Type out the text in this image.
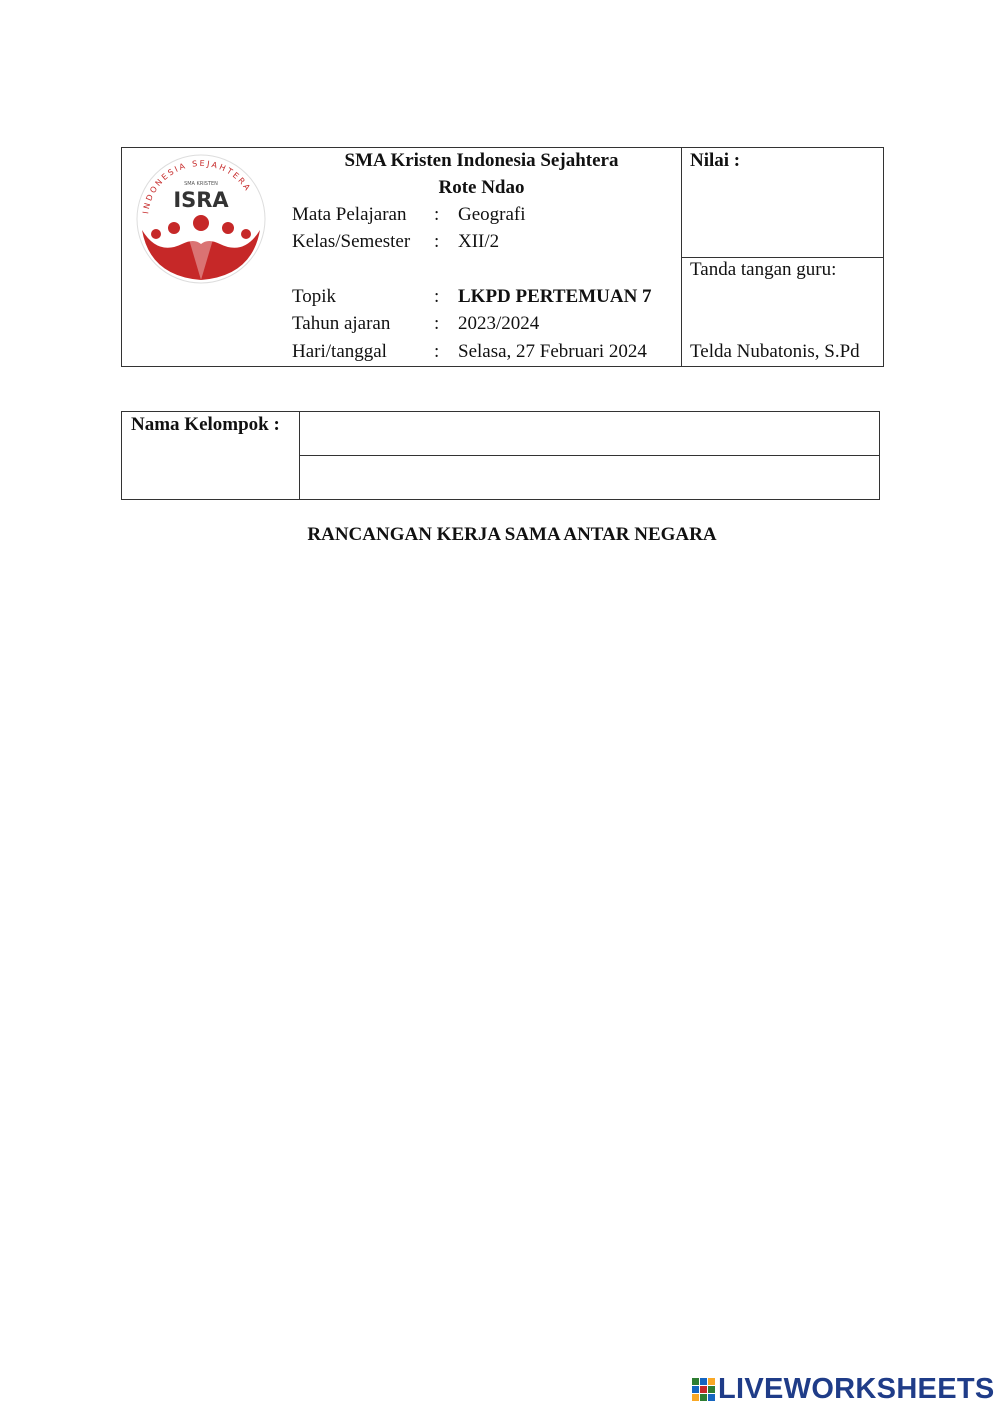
INDONESIA SEJAHTERA
SMA KRISTEN
ISRA
SMA Kristen Indonesia Sejahtera
Rote Ndao
Mata Pelajaran	: Geografi
Kelas/Semester	: XII/2
Topik	: LKPD PERTEMUAN 7
Tahun ajaran	: 2023/2024
Hari/tanggal	: Selasa, 27 Februari 2024
Nilai :
Tanda tangan guru:
Telda Nubatonis, S.Pd
Nama Kelompok :
RANCANGAN KERJA SAMA ANTAR NEGARA
LIVEWORKSHEETS
